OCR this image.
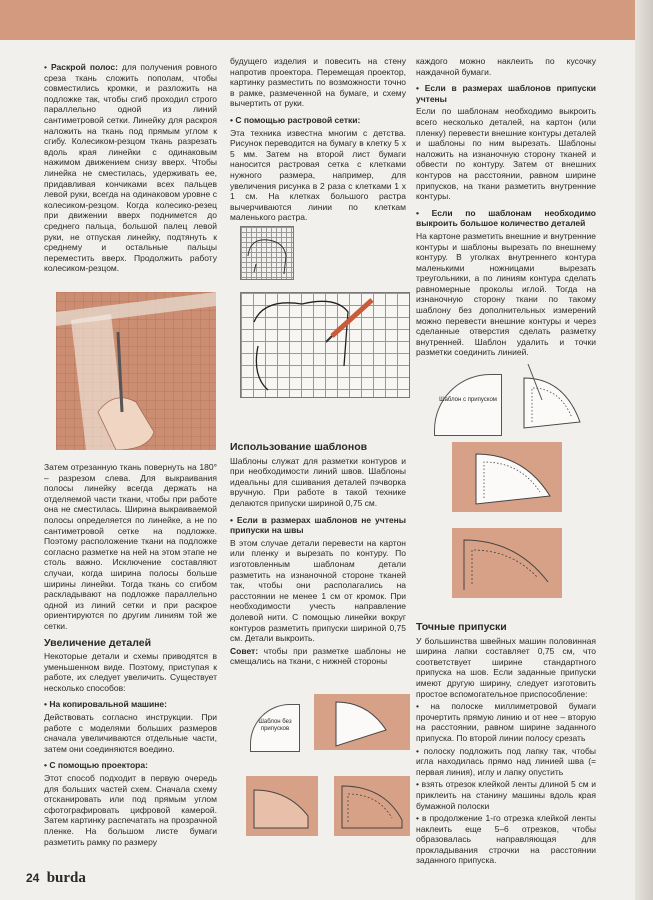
• Раскрой полос: для получения ровного среза ткань сложить пополам, чтобы совместились кромки, и разложить на подложке так, чтобы сгиб проходил строго параллельно одной из линий сантиметровой сетки. Линейку для раскроя наложить на ткань под прямым углом к сгибу. Колесиком-резцом ткань разрезать вдоль края линейки с одинаковым нажимом движением снизу вверх. Чтобы линейка не сместилась, удерживать ее, придавливая кончиками всех пальцев левой руки, всегда на одинаковом уровне с колесиком-резцом. Когда колесико-резец при движении вверх поднимется до среднего пальца, большой палец левой руки, не отпуская линейку, подтянуть к среднему и остальные пальцы переместить вверх. Продолжить работу колесиком-резцом.

Затем отрезанную ткань повернуть на 180° – разрезом слева. Для выкраивания полосы линейку всегда держать на отделяемой части ткани, чтобы при работе она не сместилась. Ширина выкраиваемой полосы определяется по линейке, а не по сантиметровой сетке на подложке. Поэтому расположение ткани на подложке согласно разметке на ней на этом этапе не столь важно. Исключение составляют случаи, когда ширина полосы больше ширины линейки. Тогда ткань со сгибом раскладывают на подложке параллельно одной из линий сетки и при раскрое ориентируются по другим линиям той же сетки.

Увеличение деталей

Некоторые детали и схемы приводятся в уменьшенном виде. Поэтому, приступая к работе, их следует увеличить. Существует несколько способов:

• На копировальной машине:

Действовать согласно инструкции. При работе с моделями больших размеров сначала увеличиваются отдельные части, затем они соединяются воедино.

• С помощью проектора:

Этот способ подходит в первую очередь для больших частей схем. Сначала схему отсканировать или под прямым углом сфотографировать цифровой камерой. Затем картинку распечатать на прозрачной пленке. На большом листе бумаги разметить рамку по размеру

будущего изделия и повесить на стену напротив проектора. Перемещая проектор, картинку разместить по возможности точно в рамке, размеченной на бумаге, и схему вычертить от руки.

• С помощью растровой сетки:

Эта техника известна многим с детства. Рисунок переводится на бумагу в клетку 5 х 5 мм. Затем на второй лист бумаги наносится растровая сетка с клетками нужного размера, например, для увеличения рисунка в 2 раза с клетками 1 х 1 см. На клетках большого растра вычерчиваются линии по клеткам маленького растра.

Использование шаблонов

Шаблоны служат для разметки контуров и при необходимости линий швов. Шаблоны идеальны для сшивания деталей пэчворка вручную. При работе в такой технике делаются припуски шириной 0,75 см.

• Если в размерах шаблонов не учтены припуски на швы

В этом случае детали перевести на картон или пленку и вырезать по контуру. По изготовленным шаблонам детали разметить на изнаночной стороне тканей так, чтобы они располагались на расстоянии не менее 1 см от кромок. При необходимости учесть направление долевой нити. С помощью линейки вокруг контуров разметить припуски шириной 0,75 см. Детали выкроить.

Совет: чтобы при разметке шаблоны не смещались на ткани, с нижней стороны

Шаблон без припусков

каждого можно наклеить по кусочку наждачной бумаги.

• Если в размерах шаблонов припуски учтены

Если по шаблонам необходимо выкроить всего несколько деталей, на картон (или пленку) перевести внешние контуры деталей и шаблоны по ним вырезать. Шаблоны наложить на изнаночную сторону тканей и обвести по контуру. Затем от внешних контуров на расстоянии, равном ширине припусков, на ткани разметить внутренние контуры.

• Если по шаблонам необходимо выкроить большое количество деталей

На картоне разметить внешние и внутренние контуры и шаблоны вырезать по внешнему контуру. В уголках внутреннего контура маленькими ножницами вырезать треугольники, а по линиям контура сделать равномерные проколы иглой. Тогда на изнаночную сторону ткани по такому шаблону без дополнительных измерений можно перевести внешние контуры и через сделанные отверстия сделать разметку внутренней. Шаблон удалить и точки разметки соединить линией.

Шаблон с припуском
Точные припуски

У большинства швейных машин половинная ширина лапки составляет 0,75 см, что соответствует ширине стандартного припуска на шов. Если заданные припуски имеют другую ширину, следует изготовить простое вспомогательное приспособление:

• на полоске миллиметровой бумаги прочертить прямую линию и от нее – вторую на расстоянии, равном ширине заданного припуска. По второй линии полосу срезать

• полоску подложить под лапку так, чтобы игла находилась прямо над линией шва (= первая линия), иглу и лапку опустить

• взять отрезок клейкой ленты длиной 5 см и приклеить на станину машины вдоль края бумажной полоски

• в продолжение 1-го отрезка клейкой ленты наклеить еще 5–6 отрезков, чтобы образовалась направляющая для прокладывания строчки на расстоянии заданного припуска.

24 burda
